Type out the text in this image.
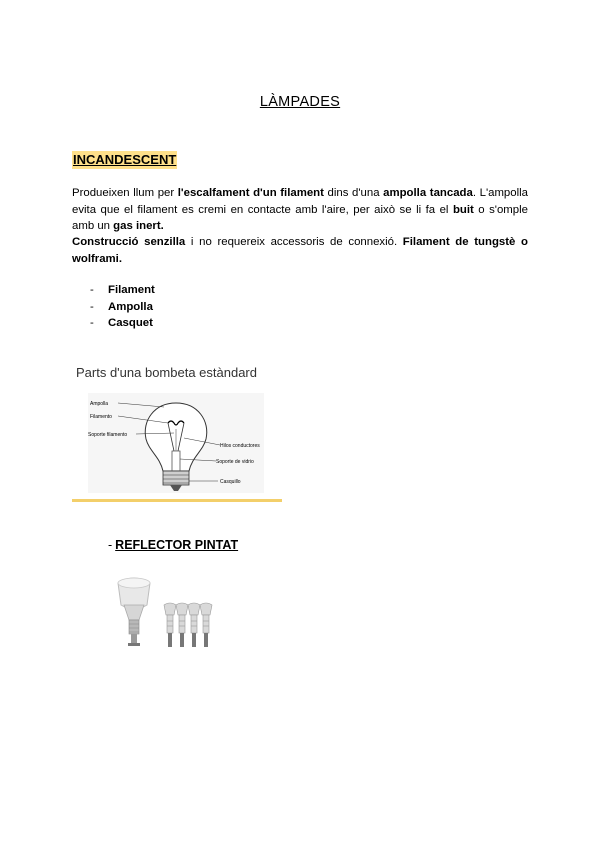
LÀMPADES
INCANDESCENT
Produeixen llum per l'escalfament d'un filament dins d'una ampolla tancada. L'ampolla evita que el filament es cremi en contacte amb l'aire, per això se li fa el buit o s'omple amb un gas inert.
Construcció senzilla i no requereix accessoris de connexió. Filament de tungstè o wolframi.
-	Filament
-	Ampolla
-	Casquet
Parts d'una bombeta estàndard
Ampolla
Filamento
Soporte filamento
Hilos conductores
Soporte de vidrio
Casquillo
- REFLECTOR PINTAT
